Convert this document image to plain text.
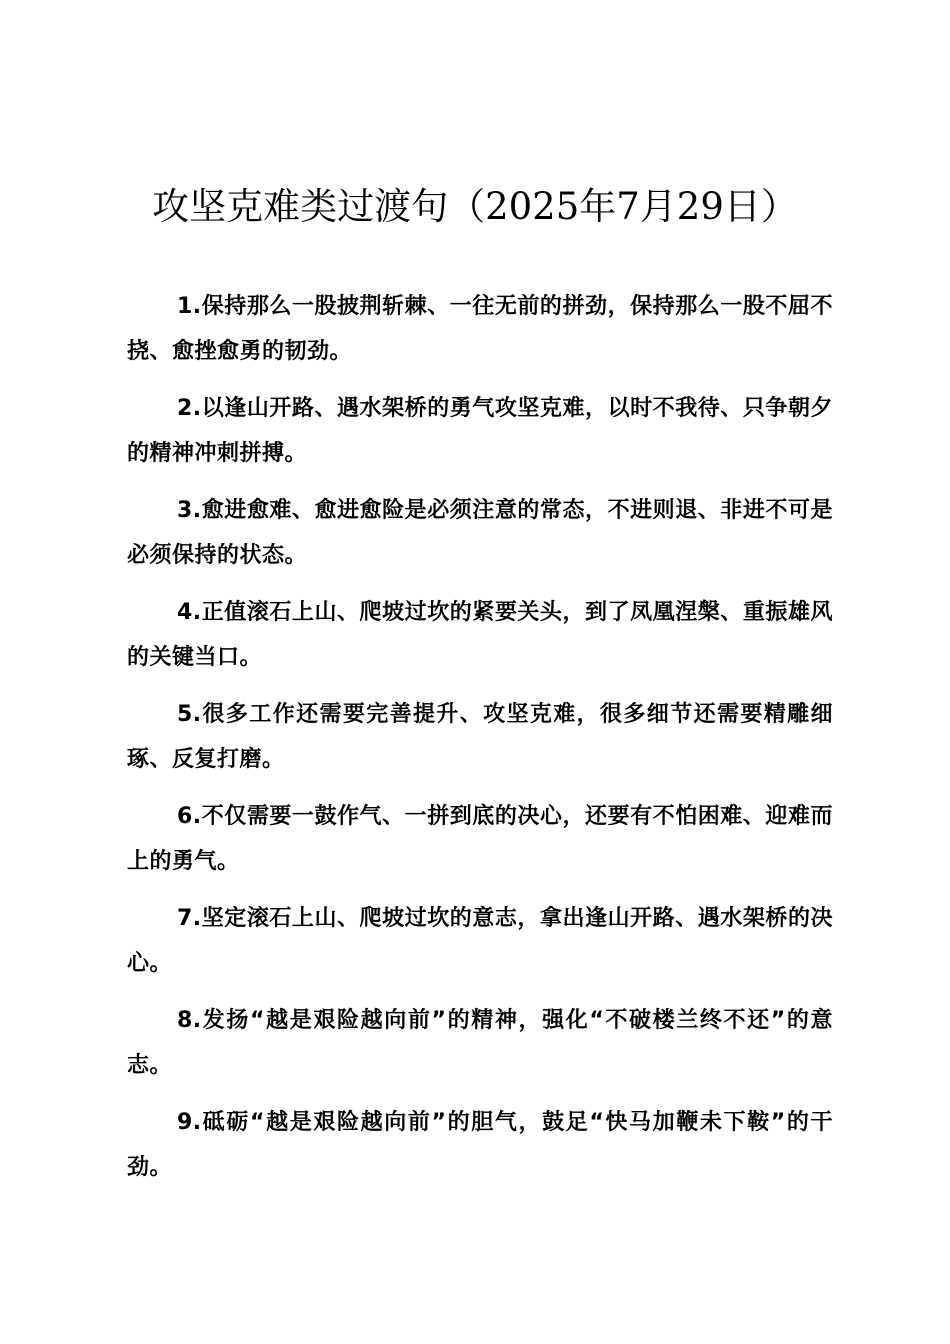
攻坚克难类过渡句（2025年7月29日）

1.保持那么一股披荆斩棘、一往无前的拼劲，保持那么一股不屈不挠、愈挫愈勇的韧劲。

2.以逢山开路、遇水架桥的勇气攻坚克难，以时不我待、只争朝夕的精神冲刺拼搏。

3.愈进愈难、愈进愈险是必须注意的常态，不进则退、非进不可是必须保持的状态。

4.正值滚石上山、爬坡过坎的紧要关头，到了凤凰涅槃、重振雄风的关键当口。

5.很多工作还需要完善提升、攻坚克难，很多细节还需要精雕细琢、反复打磨。

6.不仅需要一鼓作气、一拼到底的决心，还要有不怕困难、迎难而上的勇气。

7.坚定滚石上山、爬坡过坎的意志，拿出逢山开路、遇水架桥的决心。

8.发扬“越是艰险越向前”的精神，强化“不破楼兰终不还”的意志。

9.砥砺“越是艰险越向前”的胆气，鼓足“快马加鞭未下鞍”的干劲。
